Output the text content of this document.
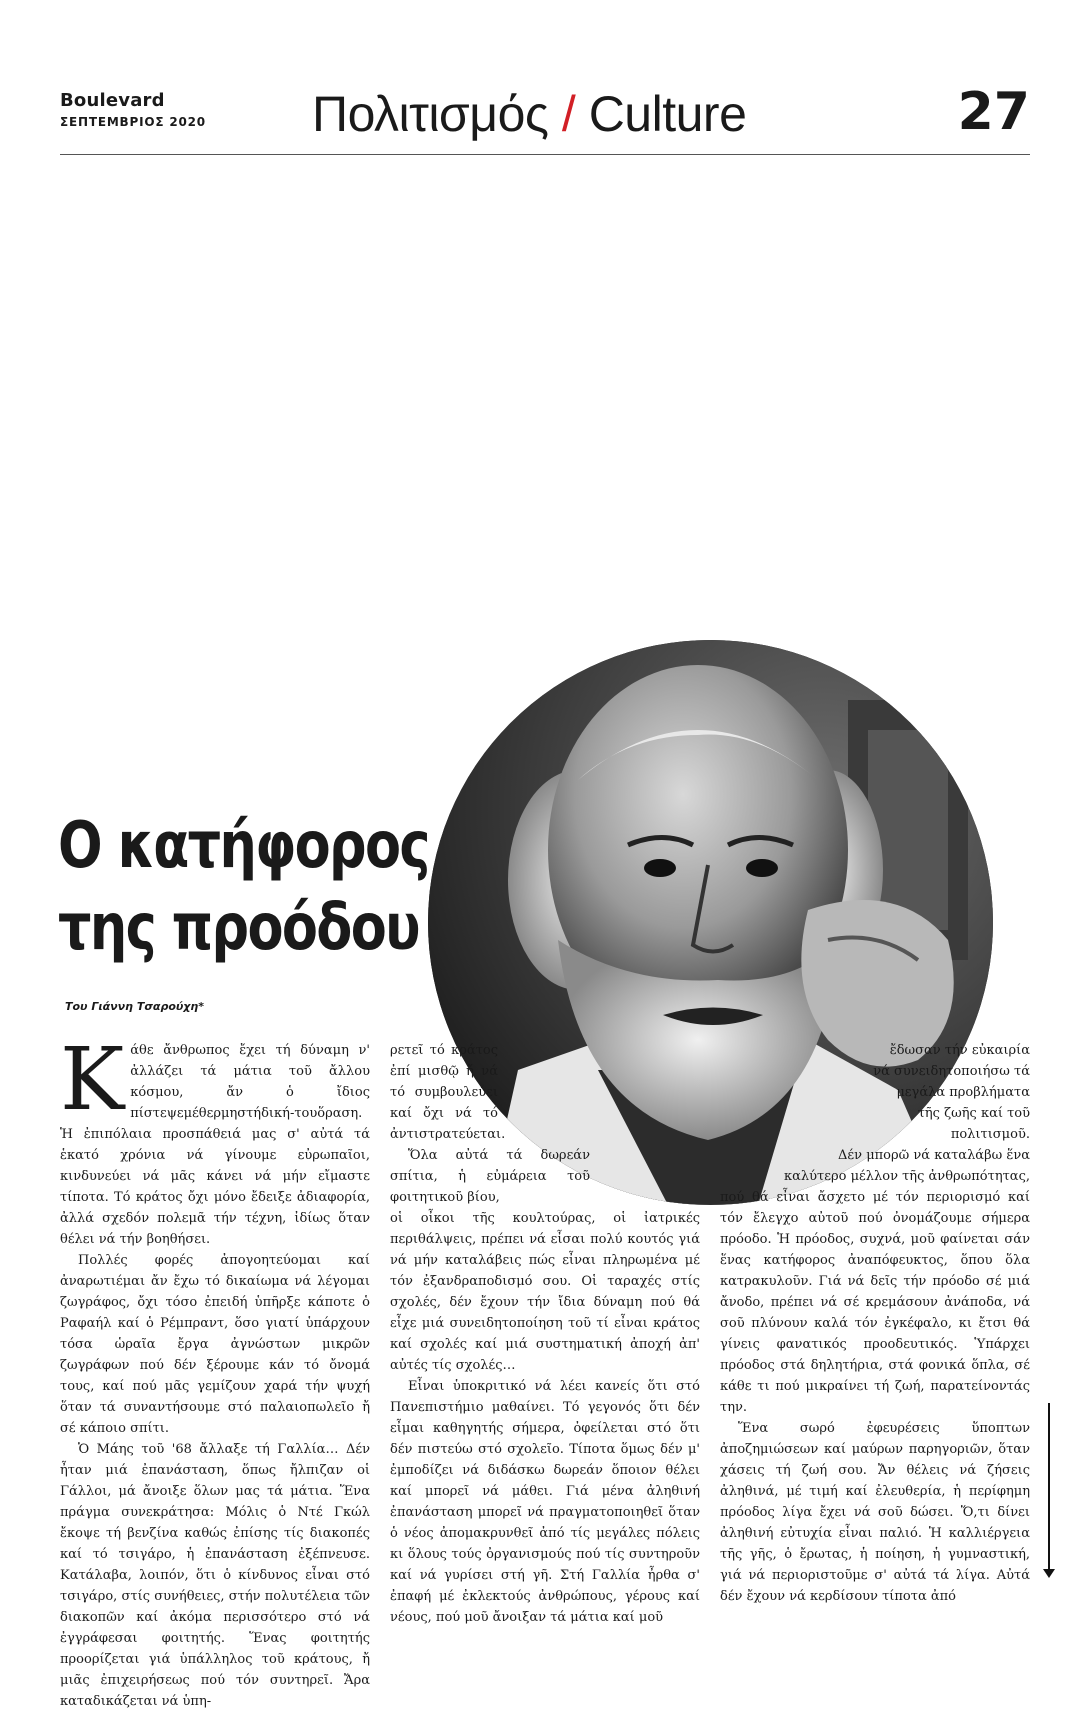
Boulevard
ΣΕΠΤΕΜΒΡΙΟΣ 2020 Πολιτισμός / Culture	27
Ο κατήφορος
της προόδου
Του Γιάννη Τσαρούχη*

Κάθε ἄνθρωπος ἔχει τή δύναμη ν' ἀλλάζει τά μάτια τοῦ ἄλλου κόσμου, ἄν ὁ ἴδιος πίστεψεμέθερμηστήδική-τουὅραση. Ἡ ἐπιπόλαια προσπάθειά μας σ' αὐτά τά ἑκατό χρόνια νά γίνουμε εὐρωπαῖοι, κινδυνεύει νά μᾶς κάνει νά μήν εἴμαστε τίποτα. Τό κράτος ὄχι μόνο ἔδειξε ἀδιαφορία, ἀλλά σχεδόν πολεμᾶ τήν τέχνη, ἰδίως ὅταν θέλει νά τήν βοηθήσει.

Πολλές φορές ἀπογοητεύομαι καί ἀναρωτιέμαι ἄν ἔχω τό δικαίωμα νά λέγομαι ζωγράφος, ὄχι τόσο ἐπειδή ὑπῆρξε κάποτε ὁ Ραφαήλ καί ὁ Ρέμπραντ, ὅσο γιατί ὑπάρχουν τόσα ὡραῖα ἔργα ἀγνώστων μικρῶν ζωγράφων πού δέν ξέρουμε κάν τό ὄνομά τους, καί πού μᾶς γεμίζουν χαρά τήν ψυχή ὅταν τά συναντήσουμε στό παλαιοπωλεῖο ἤ σέ κάποιο σπίτι.

Ὁ Μάης τοῦ '68 ἄλλαξε τή Γαλλία… Δέν ἦταν μιά ἐπανάσταση, ὅπως ἤλπιζαν οἱ Γάλλοι, μά ἄνοιξε ὅλων μας τά μάτια. Ἕνα πράγμα συνεκράτησα: Μόλις ὁ Ντέ Γκώλ ἔκοψε τή βενζίνα καθώς ἐπίσης τίς διακοπές καί τό τσιγάρο, ἡ ἐπανάσταση ἐξέπνευσε. Κατάλαβα, λοιπόν, ὅτι ὁ κίνδυνος εἶναι στό τσιγάρο, στίς συνήθειες, στήν πολυτέλεια τῶν διακοπῶν καί ἀκόμα περισσότερο στό νά ἐγγράφεσαι φοιτητής. Ἕνας φοιτητής προορίζεται γιά ὑπάλληλος τοῦ κράτους, ἤ μιᾶς ἐπιχειρήσεως πού τόν συντηρεῖ. Ἄρα καταδικάζεται νά ὑπη-

ρετεῖ τό κράτος ἐπί μισθῷ ἤ νά τό συμβουλεύει καί ὄχι νά τό ἀντιστρατεύεται.

Ὅλα αὐτά τά δωρεάν σπίτια, ἡ εὐμάρεια τοῦ φοιτητικοῦ βίου,

οἱ οἶκοι τῆς κουλτούρας, οἱ ἰατρικές περιθάλψεις, πρέπει νά εἶσαι πολύ κουτός γιά νά μήν καταλάβεις πώς εἶναι πληρωμένα μέ τόν ἐξανδραποδισμό σου. Οἱ ταραχές στίς σχολές, δέν ἔχουν τήν ἴδια δύναμη πού θά εἶχε μιά συνειδητοποίηση τοῦ τί εἶναι κράτος καί σχολές καί μιά συστηματική ἀποχή ἀπ' αὐτές τίς σχολές…

Εἶναι ὑποκριτικό νά λέει κανείς ὅτι στό Πανεπιστήμιο μαθαίνει. Τό γεγονός ὅτι δέν εἶμαι καθηγητής σήμερα, ὀφείλεται στό ὅτι δέν πιστεύω στό σχολεῖο. Τίποτα ὅμως δέν μ' ἐμποδίζει νά διδάσκω δωρεάν ὅποιον θέλει καί μπορεῖ νά μάθει. Γιά μένα ἀληθινή ἐπανάσταση μπορεῖ νά πραγματοποιηθεῖ ὅταν ὁ νέος ἀπομακρυνθεῖ ἀπό τίς μεγάλες πόλεις κι ὅλους τούς ὀργανισμούς πού τίς συντηροῦν καί νά γυρίσει στή γῆ. Στή Γαλλία ἦρθα σ' ἐπαφή μέ ἐκλεκτούς ἀνθρώπους, γέρους καί νέους, πού μοῦ ἄνοιξαν τά μάτια καί μοῦ

ἔδωσαν τήν εὐκαιρία νά συνειδητοποιήσω τά μεγάλα προβλήματα τῆς ζωῆς καί τοῦ πολιτισμοῦ.

Δέν μπορῶ νά καταλάβω ἕνα καλύτερο μέλλον τῆς ἀνθρωπότητας,

πού θά εἶναι ἄσχετο μέ τόν περιορισμό καί τόν ἔλεγχο αὐτοῦ πού ὀνομάζουμε σήμερα πρόοδο. Ἡ πρόοδος, συχνά, μοῦ φαίνεται σάν ἕνας κατήφορος ἀναπόφευκτος, ὅπου ὅλα κατρακυλοῦν. Γιά νά δεῖς τήν πρόοδο σέ μιά ἄνοδο, πρέπει νά σέ κρεμάσουν ἀνάποδα, νά σοῦ πλύνουν καλά τόν ἐγκέφαλο, κι ἔτσι θά γίνεις φανατικός προοδευτικός. Ὑπάρχει πρόοδος στά δηλητήρια, στά φονικά ὅπλα, σέ κάθε τι πού μικραίνει τή ζωή, παρατείνοντάς την.

Ἕνα σωρό ἐφευρέσεις ὕποπτων ἀποζημιώσεων καί μαύρων παρηγοριῶν, ὅταν χάσεις τή ζωή σου. Ἄν θέλεις νά ζήσεις ἀληθινά, μέ τιμή καί ἐλευθερία, ἡ περίφημη πρόοδος λίγα ἔχει νά σοῦ δώσει. Ὅ,τι δίνει ἀληθινή εὐτυχία εἶναι παλιό. Ἡ καλλιέργεια τῆς γῆς, ὁ ἔρωτας, ἡ ποίηση, ἡ γυμναστική, γιά νά περιοριστοῦμε σ' αὐτά τά λίγα. Αὐτά δέν ἔχουν νά κερδίσουν τίποτα ἀπό
